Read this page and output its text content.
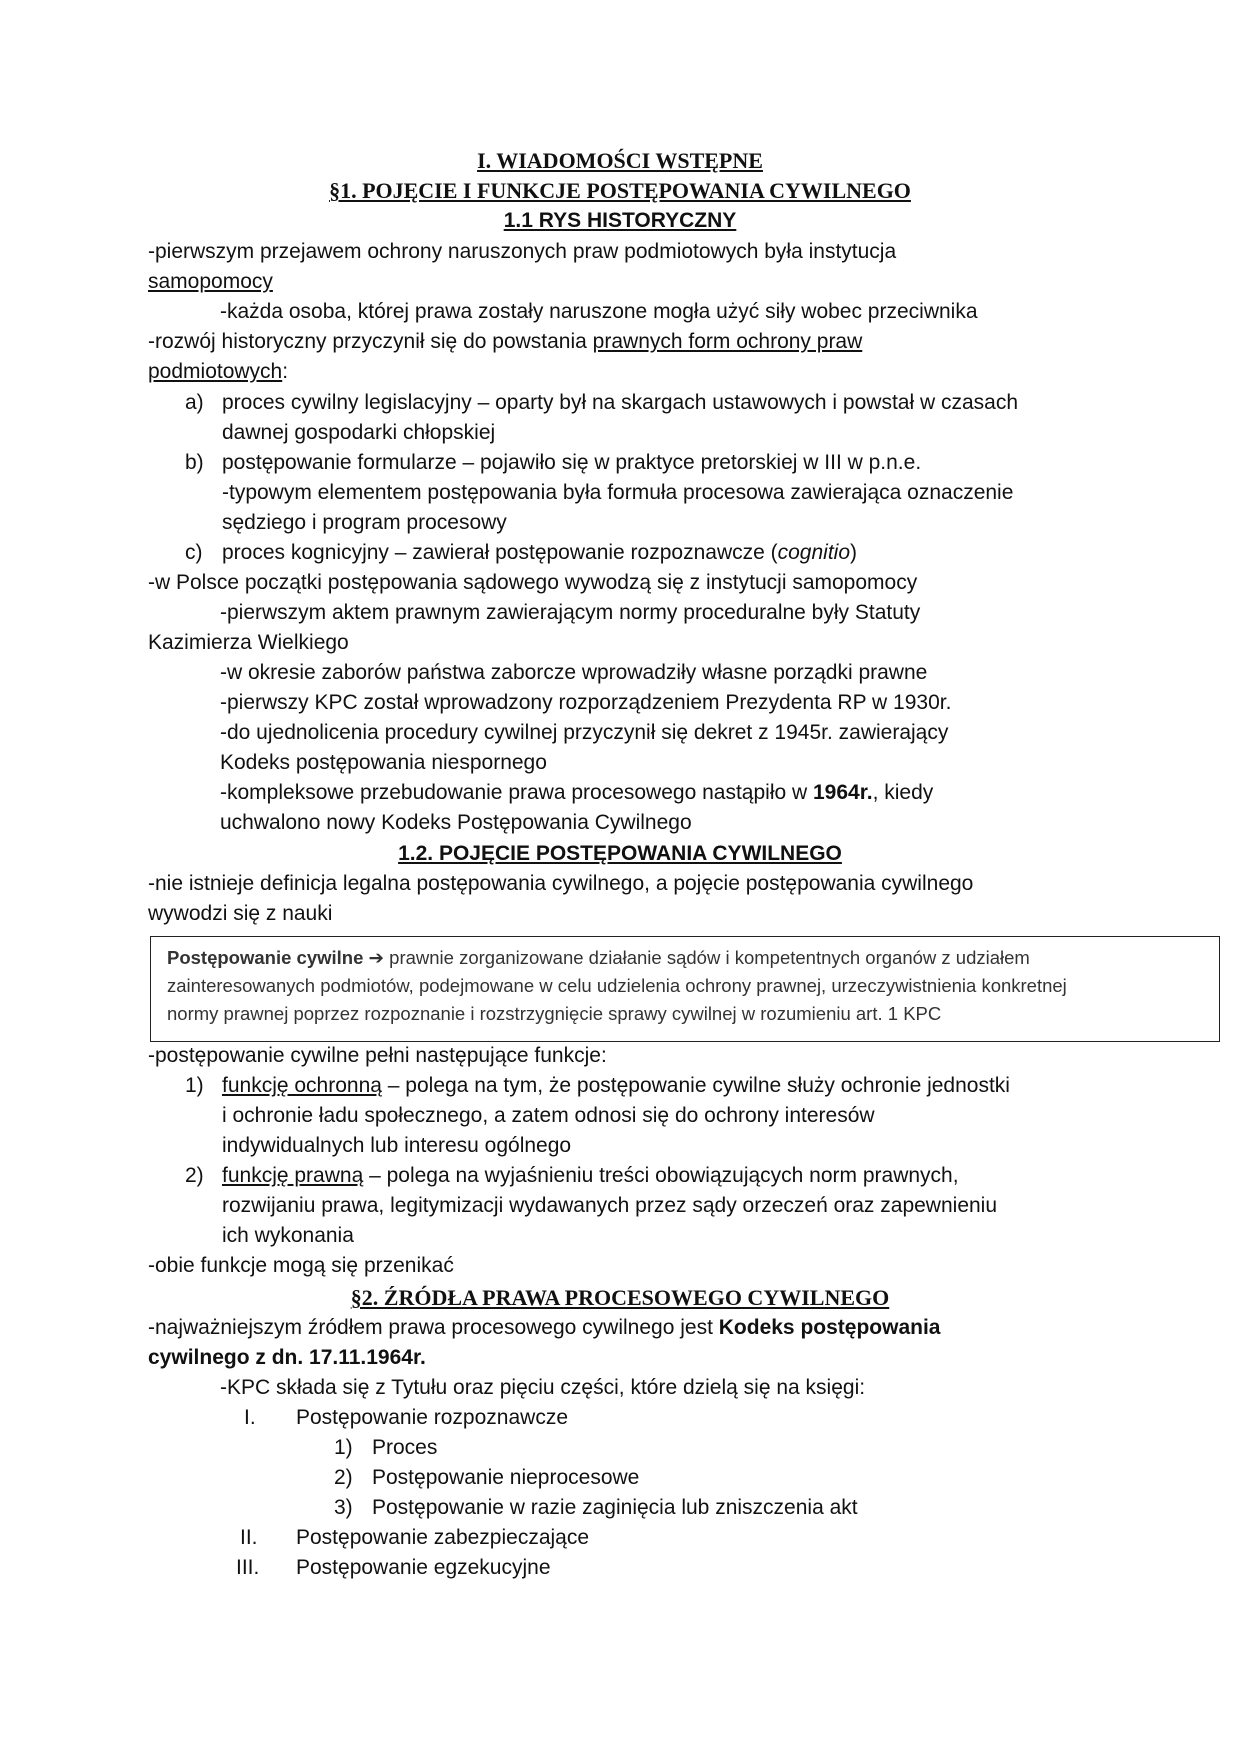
I. WIADOMOŚCI WSTĘPNE
§1. POJĘCIE I FUNKCJE POSTĘPOWANIA CYWILNEGO
1.1 RYS HISTORYCZNY
-pierwszym przejawem ochrony naruszonych praw podmiotowych była instytucja
samopomocy
-każda osoba, której prawa zostały naruszone mogła użyć siły wobec przeciwnika
-rozwój historyczny przyczynił się do powstania prawnych form ochrony praw
podmiotowych:
a) proces cywilny legislacyjny – oparty był na skargach ustawowych i powstał w czasach
dawnej gospodarki chłopskiej
b) postępowanie formularze – pojawiło się w praktyce pretorskiej w III w p.n.e.
-typowym elementem postępowania była formuła procesowa zawierająca oznaczenie
sędziego i program procesowy
c) proces kognicyjny – zawierał postępowanie rozpoznawcze (cognitio)
-w Polsce początki postępowania sądowego wywodzą się z instytucji samopomocy
-pierwszym aktem prawnym zawierającym normy proceduralne były Statuty
Kazimierza Wielkiego
-w okresie zaborów państwa zaborcze wprowadziły własne porządki prawne
-pierwszy KPC został wprowadzony rozporządzeniem Prezydenta RP w 1930r.
-do ujednolicenia procedury cywilnej przyczynił się dekret z 1945r. zawierający
Kodeks postępowania niespornego
-kompleksowe przebudowanie prawa procesowego nastąpiło w 1964r., kiedy
uchwalono nowy Kodeks Postępowania Cywilnego
1.2. POJĘCIE POSTĘPOWANIA CYWILNEGO
-nie istnieje definicja legalna postępowania cywilnego, a pojęcie postępowania cywilnego
wywodzi się z nauki
Postępowanie cywilne ➔ prawnie zorganizowane działanie sądów i kompetentnych organów z udziałem
zainteresowanych podmiotów, podejmowane w celu udzielenia ochrony prawnej, urzeczywistnienia konkretnej
normy prawnej poprzez rozpoznanie i rozstrzygnięcie sprawy cywilnej w rozumieniu art. 1 KPC
-postępowanie cywilne pełni następujące funkcje:
1) funkcję ochronną – polega na tym, że postępowanie cywilne służy ochronie jednostki
i ochronie ładu społecznego, a zatem odnosi się do ochrony interesów
indywidualnych lub interesu ogólnego
2) funkcję prawną – polega na wyjaśnieniu treści obowiązujących norm prawnych,
rozwijaniu prawa, legitymizacji wydawanych przez sądy orzeczeń oraz zapewnieniu
ich wykonania
-obie funkcje mogą się przenikać
§2. ŹRÓDŁA PRAWA PROCESOWEGO CYWILNEGO
-najważniejszym źródłem prawa procesowego cywilnego jest Kodeks postępowania
cywilnego z dn. 17.11.1964r.
-KPC składa się z Tytułu oraz pięciu części, które dzielą się na księgi:
I. Postępowanie rozpoznawcze
1) Proces
2) Postępowanie nieprocesowe
3) Postępowanie w razie zaginięcia lub zniszczenia akt
II. Postępowanie zabezpieczające
III. Postępowanie egzekucyjne
